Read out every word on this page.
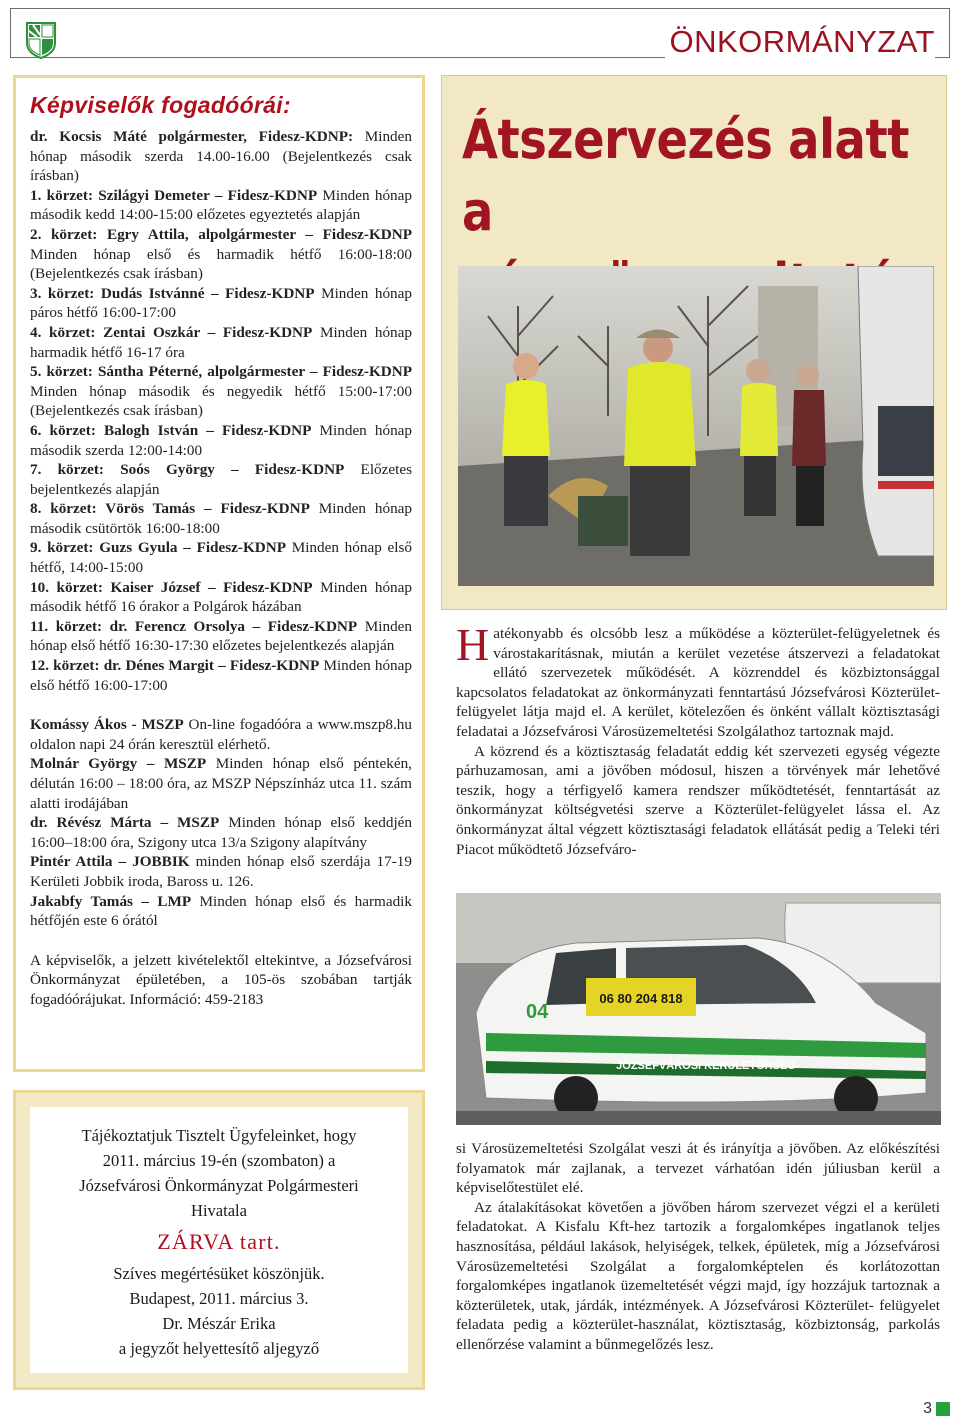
ÖNKORMÁNYZAT
Képviselők fogadóórái:
dr. Kocsis Máté polgármester, Fidesz-KDNP: Minden hónap második szerda 14.00-16.00 (Bejelentkezés csak írásban)
1. körzet: Szilágyi Demeter – Fidesz-KDNP Minden hónap második kedd 14:00-15:00 előzetes egyeztetés alapján
2. körzet: Egry Attila, alpolgármester – Fidesz-KDNP Minden hónap első és harmadik hétfő 16:00-18:00 (Bejelentkezés csak írásban)
3. körzet: Dudás Istvánné – Fidesz-KDNP Minden hónap páros hétfő 16:00-17:00
4. körzet: Zentai Oszkár – Fidesz-KDNP Minden hónap harmadik hétfő 16-17 óra
5. körzet: Sántha Péterné, alpolgármester – Fidesz-KDNP Minden hónap második és negyedik hétfő 15:00-17:00 (Bejelentkezés csak írásban)
6. körzet: Balogh István – Fidesz-KDNP Minden hónap második szerda 12:00-14:00
7. körzet: Soós György – Fidesz-KDNP Előzetes bejelentkezés alapján
8. körzet: Vörös Tamás – Fidesz-KDNP Minden hónap második csütörtök 16:00-18:00
9. körzet: Guzs Gyula – Fidesz-KDNP Minden hónap első hétfő, 14:00-15:00
10. körzet: Kaiser József – Fidesz-KDNP Minden hónap második hétfő 16 órakor a Polgárok házában
11. körzet: dr. Ferencz Orsolya – Fidesz-KDNP Minden hónap első hétfő 16:30-17:30 előzetes bejelentkezés alapján
12. körzet: dr. Dénes Margit – Fidesz-KDNP Minden hónap első hétfő 16:00-17:00
Komássy Ákos - MSZP On-line fogadóóra a www.mszp8.hu oldalon napi 24 órán keresztül elérhető.
Molnár György – MSZP Minden hónap első péntekén, délután 16:00 – 18:00 óra, az MSZP Népszínház utca 11. szám alatti irodájában
dr. Révész Márta – MSZP Minden hónap első keddjén 16:00–18:00 óra, Szigony utca 13/a Szigony alapítvány
Pintér Attila – JOBBIK minden hónap első szerdája 17-19 Kerületi Jobbik iroda, Baross u. 126.
Jakabfy Tamás – LMP Minden hónap első és harmadik hétfőjén este 6 órától
A képviselők, a jelzett kivételektől eltekintve, a Józsefvárosi Önkormányzat épületében, a 105-ös szobában tartják fogadóórájukat. Információ: 459-2183
Tájékoztatjuk Tisztelt Ügyfeleinket, hogy
2011. március 19-én (szombaton) a
Józsefvárosi Önkormányzat Polgármesteri
Hivatala
ZÁRVA tart.
Szíves megértésüket köszönjük.
Budapest, 2011. március 3.
Dr. Mészár Erika
a jegyzőt helyettesítő aljegyző
Átszervezés alatt
a

Hatékonyabb és olcsóbb lesz a működése a közterület-felügyeletnek és várostakarításnak, miután a kerület vezetése átszervezi a feladatokat ellátó szervezetek működését. A közrenddel és közbiztonsággal kapcsolatos feladatokat az önkormányzati fenntartású Józsefvárosi Közterület-felügyelet látja majd el. A kerület, kötelezően és önként vállalt köztisztasági feladatai a Józsefvárosi Városüzemeltetési Szolgálathoz tartoznak majd.

A közrend és a köztisztaság feladatát eddig két szervezeti egység végezte párhuzamosan, ami a jövőben módosul, hiszen a törvények már lehetővé teszik, hogy a térfigyelő kamera rendszer működtetését, fenntartását az önkormányzat költségvetési szerve a Közterület-felügyelet lássa el. Az önkormányzat által végzett köztisztasági feladatok ellátását pedig a Teleki téri Piacot működtető Józsefváro-

06 80 204 818
JÓZSEFVÁROSI KERÜLETŐRSÉG
04

si Városüzemeltetési Szolgálat veszi át és irányítja a jövőben. Az előkészítési folyamatok már zajlanak, a tervezet várhatóan idén júliusban kerül a képviselőtestület elé.

Az átalakításokat követően a jövőben három szervezet végzi el a kerületi feladatokat. A Kisfalu Kft-hez tartozik a forgalomképes ingatlanok teljes hasznosítása, például lakások, helyiségek, telkek, épületek, míg a Józsefvárosi Városüzemeltetési Szolgálat a forgalomképtelen és korlátozottan forgalomképes ingatlanok üzemeltetését végzi majd, így hozzájuk tartoznak a közterületek, utak, járdák, intézmények. A Józsefvárosi Közterület- felügyelet feladata pedig a közterület-használat, köztisztaság, közbiztonság, parkolás ellenőrzése valamint a bűnmegelőzés lesz.

3
